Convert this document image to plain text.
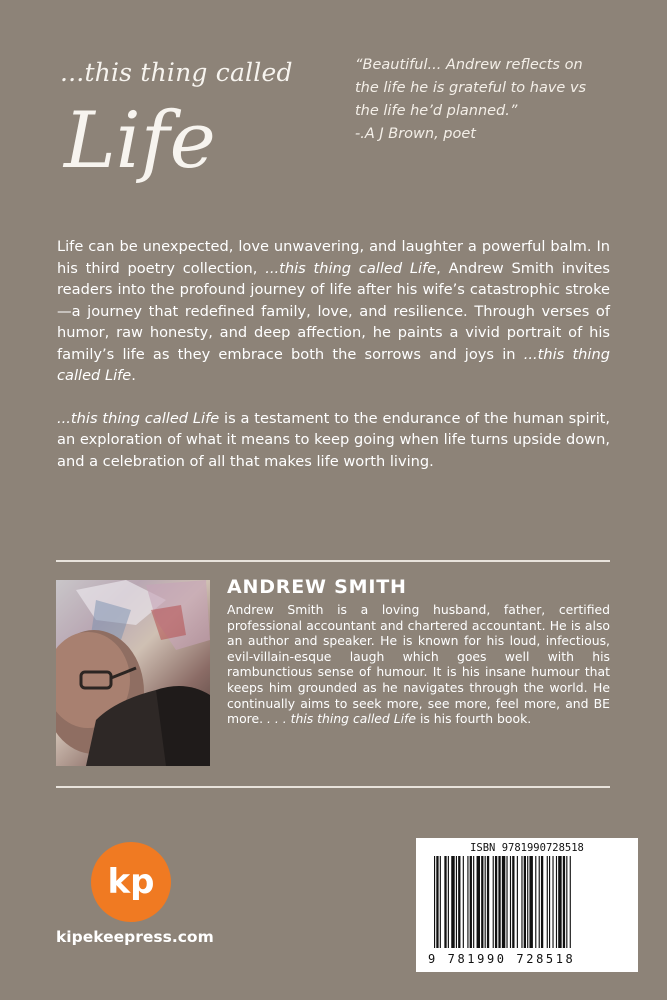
...this thing called
Life

“Beautiful... Andrew reflects on

the life he is grateful to have vs

the life he’d planned.”

-.A J Brown, poet

Life can be unexpected, love unwavering, and laughter a powerful balm. In his third poetry collection, ...this thing called Life, Andrew Smith invites readers into the profound journey of life after his wife’s catastrophic stroke—a journey that redefined family, love, and resilience. Through verses of humor, raw honesty, and deep affection, he paints a vivid portrait of his family’s life as they embrace both the sorrows and joys in ...this thing called Life.

...this thing called Life is a testament to the endurance of the human spirit, an exploration of what it means to keep going when life turns upside down, and a celebration of all that makes life worth living.

ANDREW SMITH
Andrew Smith is a loving husband, father, certified professional accountant and chartered accountant. He is also an author and speaker. He is known for his loud, infectious, evil-villain-esque laugh which goes well with his rambunctious sense of humour. It is his insane humour that keeps him grounded as he navigates through the world. He continually aims to seek more, see more, feel more, and BE more. . . . this thing called Life is his fourth book.
kp
kipekeepress.com
ISBN 9781990728518
9 781990 728518
